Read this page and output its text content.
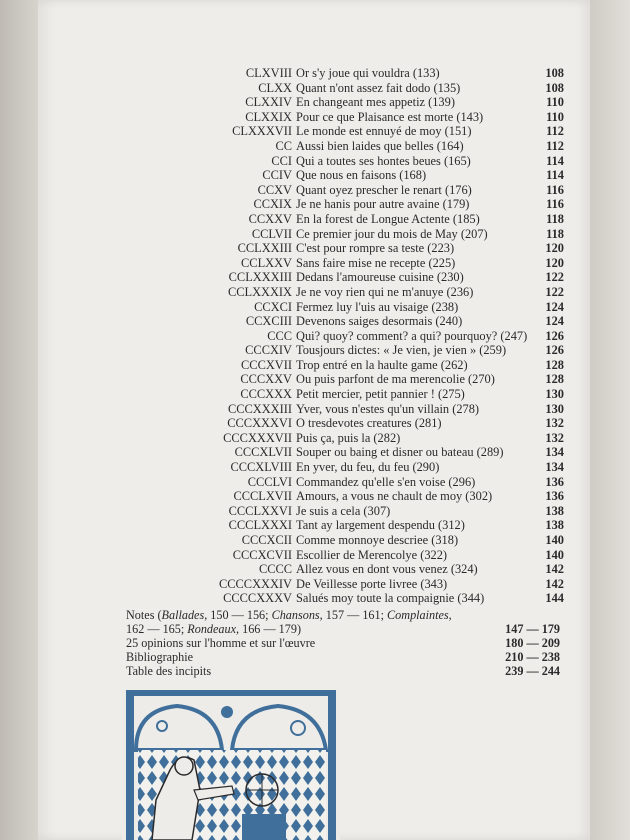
CLXVIII Or s'y joue qui vouldra (133)	108
CLXX Quant n'ont assez fait dodo (135)	108
CLXXIV En changeant mes appetiz (139)	110
CLXXIX Pour ce que Plaisance est morte (143)	110
CLXXXVII Le monde est ennuyé de moy (151)	112
CC Aussi bien laides que belles (164)	112
CCI Qui a toutes ses hontes beues (165)	114
CCIV Que nous en faisons (168)	114
CCXV Quant oyez prescher le renart (176)	116
CCXIX Je ne hanis pour autre avaine (179)	116
CCXXV En la forest de Longue Actente (185)	118
CCLVII Ce premier jour du mois de May (207)	118
CCLXXIII C'est pour rompre sa teste (223)	120
CCLXXV Sans faire mise ne recepte (225)	120
CCLXXXIII Dedans l'amoureuse cuisine (230)	122
CCLXXXIX Je ne voy rien qui ne m'anuye (236)	122
CCXCI Fermez luy l'uis au visaige (238)	124
CCXCIII Devenons saiges desormais (240)	124
CCC Qui? quoy? comment? a qui? pourquoy? (247) 126
CCCXIV Tousjours dictes: « Je vien, je vien » (259)	126
CCCXVII Trop entré en la haulte game (262)	128
CCCXXV Ou puis parfont de ma merencolie (270)	128
CCCXXX Petit mercier, petit pannier ! (275)	130
CCCXXXIII Yver, vous n'estes qu'un villain (278)	130
CCCXXXVI O tresdevotes creatures (281)	132
CCCXXXVII Puis ça, puis la (282)	132
CCCXLVII Souper ou baing et disner ou bateau (289)	134
CCCXLVIII En yver, du feu, du feu (290)	134
CCCLVI Commandez qu'elle s'en voise (296)	136
CCCLXVII Amours, a vous ne chault de moy (302)	136
CCCLXXVI Je suis a cela (307)	138
CCCLXXXI Tant ay largement despendu (312)	138
CCCXCII Comme monnoye descriee (318)	140
CCCXCVII Escollier de Merencolye (322)	140
CCCC Allez vous en dont vous venez (324)	142
CCCCXXXIV De Veillesse porte livree (343)	142
CCCCXXXV Salués moy toute la compaignie (344)	144
Notes (Ballades, 150 — 156; Chansons, 157 — 161; Complaintes,
162 — 165; Rondeaux, 166 — 179)	147 — 179
25 opinions sur l'homme et sur l'œuvre	180 — 209
Bibliographie	210 — 238
Table des incipits	239 — 244
